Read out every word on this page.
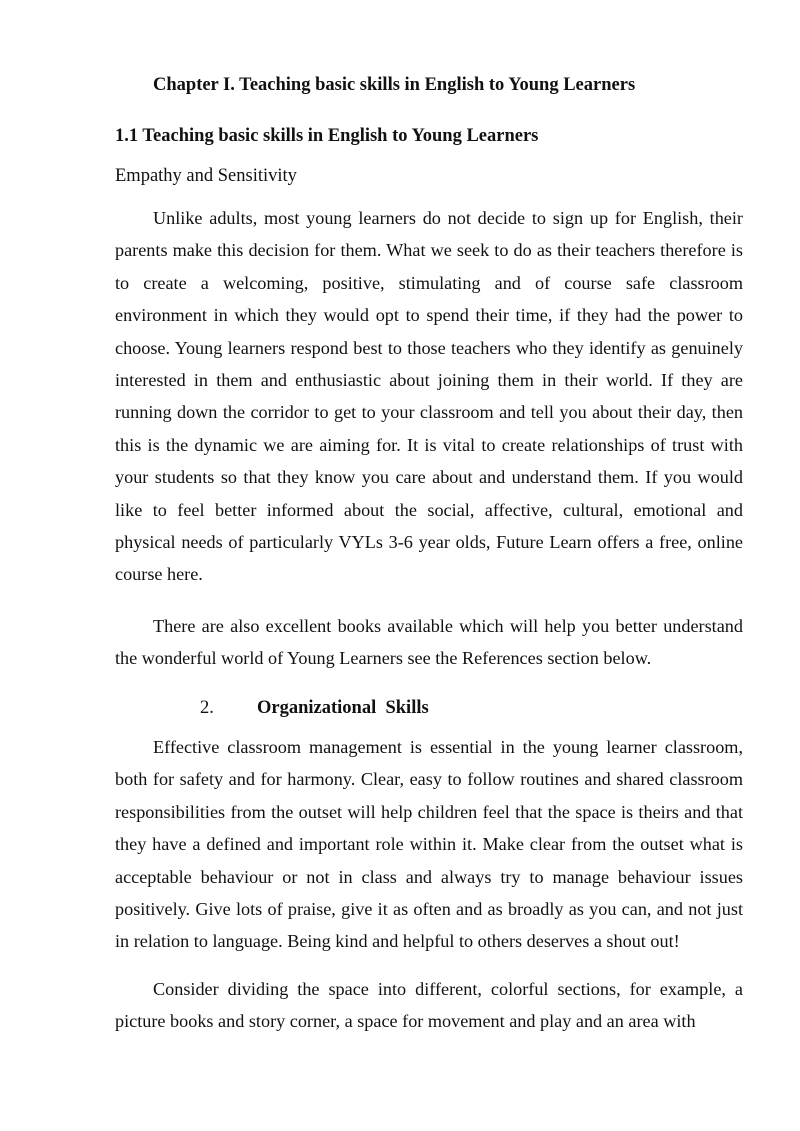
Chapter I. Teaching basic skills in English to Young Learners
1.1 Teaching basic skills in English to Young Learners

Empathy and Sensitivity

Unlike adults, most young learners do not decide to sign up for English, their parents make this decision for them. What we seek to do as their teachers therefore is to create a welcoming, positive, stimulating and of course safe classroom environment in which they would opt to spend their time, if they had the power to choose. Young learners respond best to those teachers who they identify as genuinely interested in them and enthusiastic about joining them in their world. If they are running down the corridor to get to your classroom and tell you about their day, then this is the dynamic we are aiming for. It is vital to create relationships of trust with your students so that they know you care about and understand them. If you would like to feel better informed about the social, affective, cultural, emotional and physical needs of particularly VYLs 3-6 year olds, Future Learn offers a free, online course here.

There are also excellent books available which will help you better understand the wonderful world of Young Learners see the References section below.

2. Organizational  Skills

Effective classroom management is essential in the young learner classroom, both for safety and for harmony. Clear, easy to follow routines and shared classroom responsibilities from the outset will help children feel that the space is theirs and that they have a defined and important role within it. Make clear from the outset what is acceptable behaviour or not in class and always try to manage behaviour issues positively. Give lots of praise, give it as often and as broadly as you can, and not just in relation to language. Being kind and helpful to others deserves a shout out!

Consider dividing the space into different, colorful sections, for example, a picture books and story corner, a space for movement and play and an area with
